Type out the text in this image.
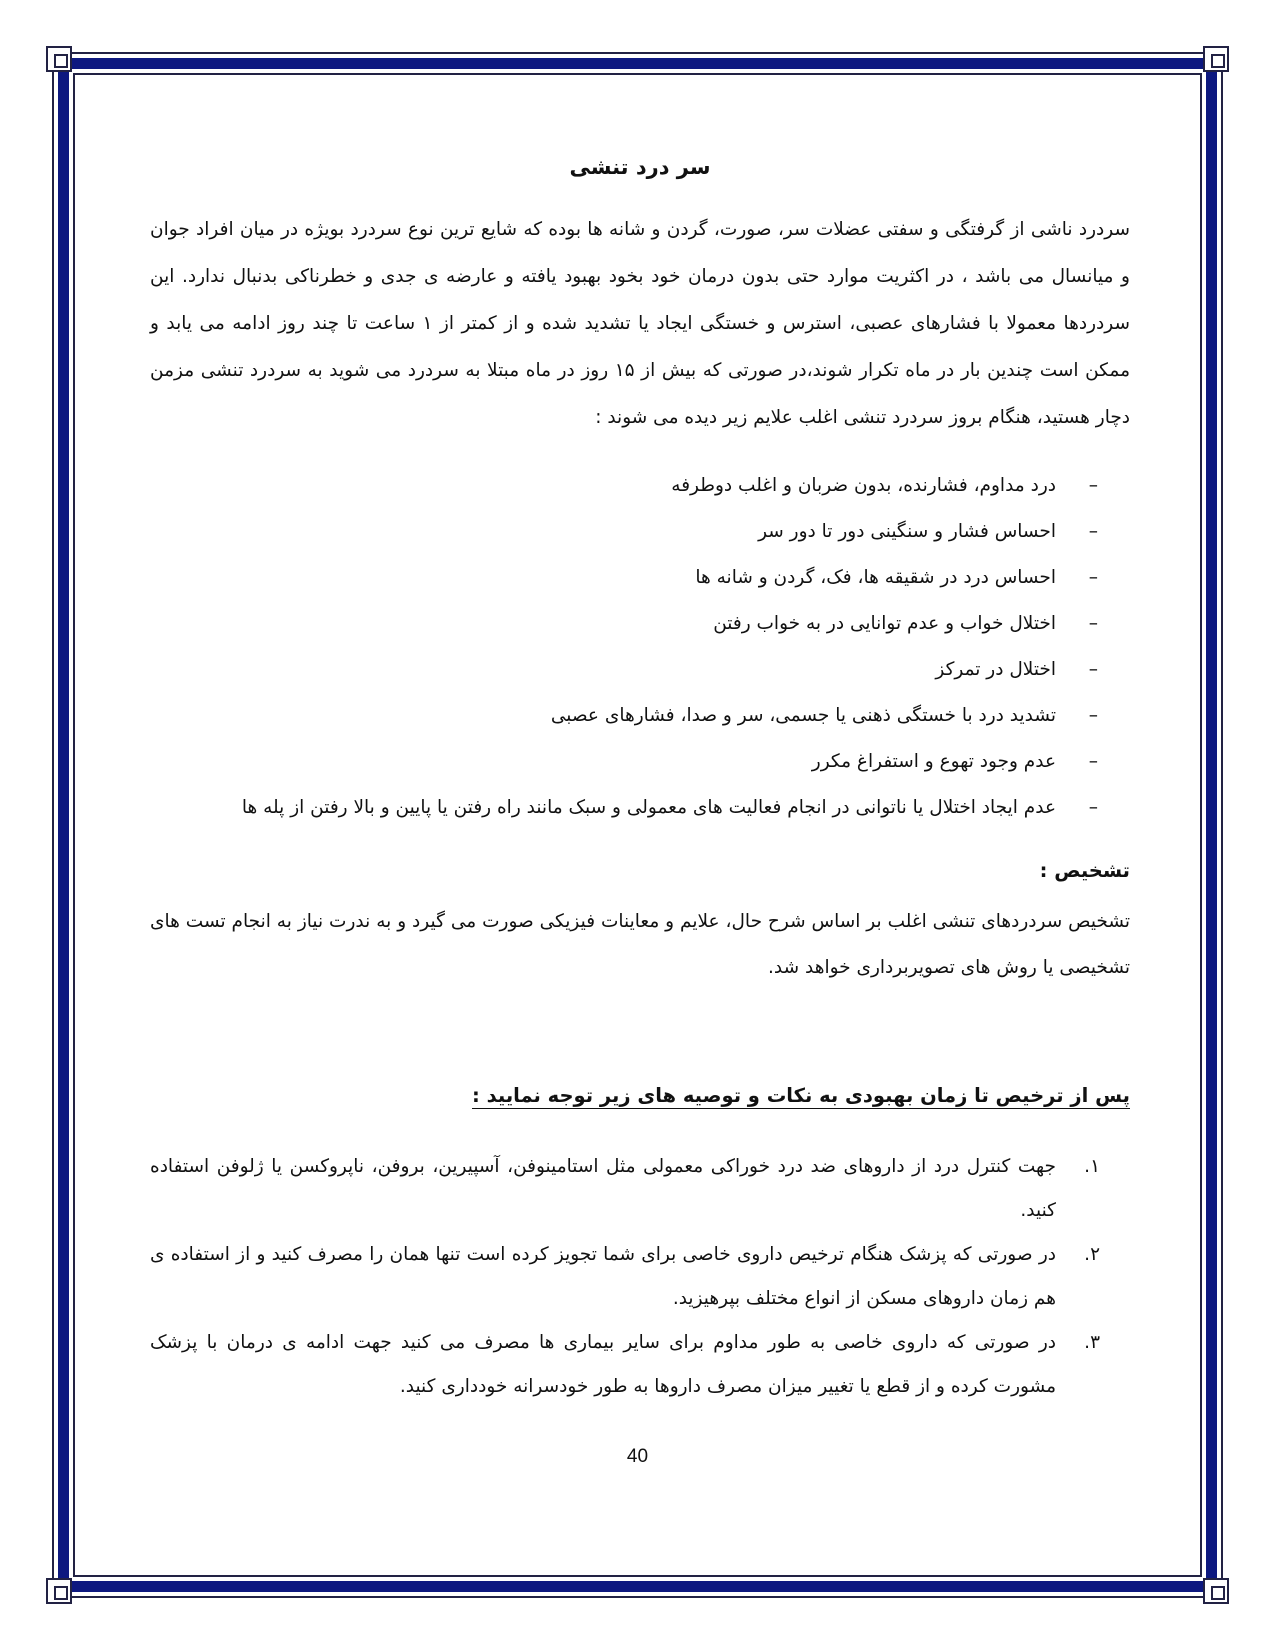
سر درد تنشی

سردرد ناشی از گرفتگی و سفتی عضلات سر، صورت، گردن و شانه ها بوده که شایع ترین نوع سردرد بویژه در میان افراد جوان و میانسال می باشد ، در اکثریت موارد حتی بدون درمان خود بخود بهبود یافته و عارضه ی جدی و خطرناکی بدنبال ندارد. این سردردها معمولا با فشارهای عصبی، استرس و خستگی ایجاد یا تشدید شده و از کمتر از ۱ ساعت تا چند روز ادامه می یابد و ممکن است چندین بار در ماه تکرار شوند،در صورتی که بیش از ۱۵ روز در ماه مبتلا به سردرد می شوید به سردرد تنشی مزمن دچار هستید، هنگام بروز سردرد تنشی اغلب علایم زیر دیده می شوند :

–
درد مداوم، فشارنده، بدون ضربان و اغلب دوطرفه
–
احساس فشار و سنگینی دور تا دور سر
–
احساس درد در شقیقه ها، فک، گردن و شانه ها
–
اختلال خواب و عدم توانایی در به خواب رفتن
–
اختلال در تمرکز
–
تشدید درد با خستگی ذهنی یا جسمی، سر و صدا، فشارهای عصبی
–
عدم وجود تهوع و استفراغ مکرر
–
عدم ایجاد اختلال یا ناتوانی در انجام فعالیت های معمولی و سبک مانند راه رفتن یا پایین و بالا رفتن از پله ها
تشخیص :

تشخیص سردردهای تنشی اغلب بر اساس شرح حال، علایم و معاینات فیزیکی صورت می گیرد و به ندرت نیاز به انجام تست های تشخیصی یا روش های تصویربرداری خواهد شد.

پس از ترخیص تا زمان بهبودی به نکات و توصیه های زیر توجه نمایید :
۱.
جهت کنترل درد از داروهای ضد درد خوراکی معمولی مثل استامینوفن، آسپیرین، بروفن، ناپروکسن یا ژلوفن استفاده کنید.
۲.
در صورتی که پزشک هنگام ترخیص داروی خاصی برای شما تجویز کرده است تنها همان را مصرف کنید و از استفاده ی هم زمان داروهای مسکن از انواع مختلف بپرهیزید.
۳.
در صورتی که داروی خاصی به طور مداوم برای سایر بیماری ها مصرف می کنید جهت ادامه ی درمان با پزشک مشورت کرده و از قطع یا تغییر میزان مصرف داروها به طور خودسرانه خودداری کنید.
40
